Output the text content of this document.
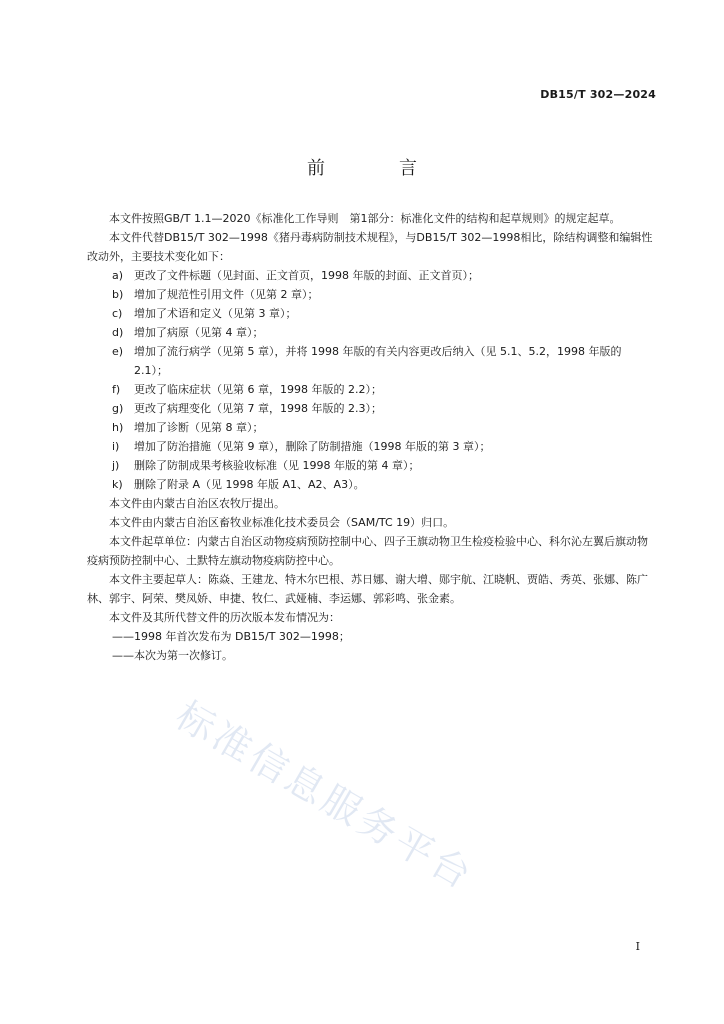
DB15/T 302—2024
前　言

本文件按照GB/T 1.1—2020《标准化工作导则　第1部分：标准化文件的结构和起草规则》的规定起草。

本文件代替DB15/T 302—1998《猪丹毒病防制技术规程》，与DB15/T 302—1998相比，除结构调整和编辑性改动外，主要技术变化如下：

a) 更改了文件标题（见封面、正文首页，1998 年版的封面、正文首页）；
b) 增加了规范性引用文件（见第 2 章）；
c)	增加了术语和定义（见第 3 章）；
d) 增加了病原（见第 4 章）；
e) 增加了流行病学（见第 5 章），并将 1998 年版的有关内容更改后纳入（见 5.1、5.2，1998 年版的 2.1）；
f)	更改了临床症状（见第 6 章，1998 年版的 2.2）；
g) 更改了病理变化（见第 7 章，1998 年版的 2.3）；
h) 增加了诊断（见第 8 章）；
i)	增加了防治措施（见第 9 章），删除了防制措施（1998 年版的第 3 章）；
j)	删除了防制成果考核验收标准（见 1998 年版的第 4 章）；
k)	删除了附录 A（见 1998 年版 A1、A2、A3）。

本文件由内蒙古自治区农牧厅提出。

本文件由内蒙古自治区畜牧业标准化技术委员会（SAM/TC 19）归口。

本文件起草单位：内蒙古自治区动物疫病预防控制中心、四子王旗动物卫生检疫检验中心、科尔沁左翼后旗动物疫病预防控制中心、土默特左旗动物疫病防控中心。

本文件主要起草人：陈焱、王建龙、特木尔巴根、苏日娜、谢大增、郧宇航、江晓帆、贾皓、秀英、张娜、陈广林、郭宇、阿荣、樊凤娇、申捷、牧仁、武娅楠、李运娜、郭彩鸣、张金素。

本文件及其所代替文件的历次版本发布情况为：

——1998 年首次发布为 DB15/T 302—1998；

——本次为第一次修订。

标准信息服务平台
I
